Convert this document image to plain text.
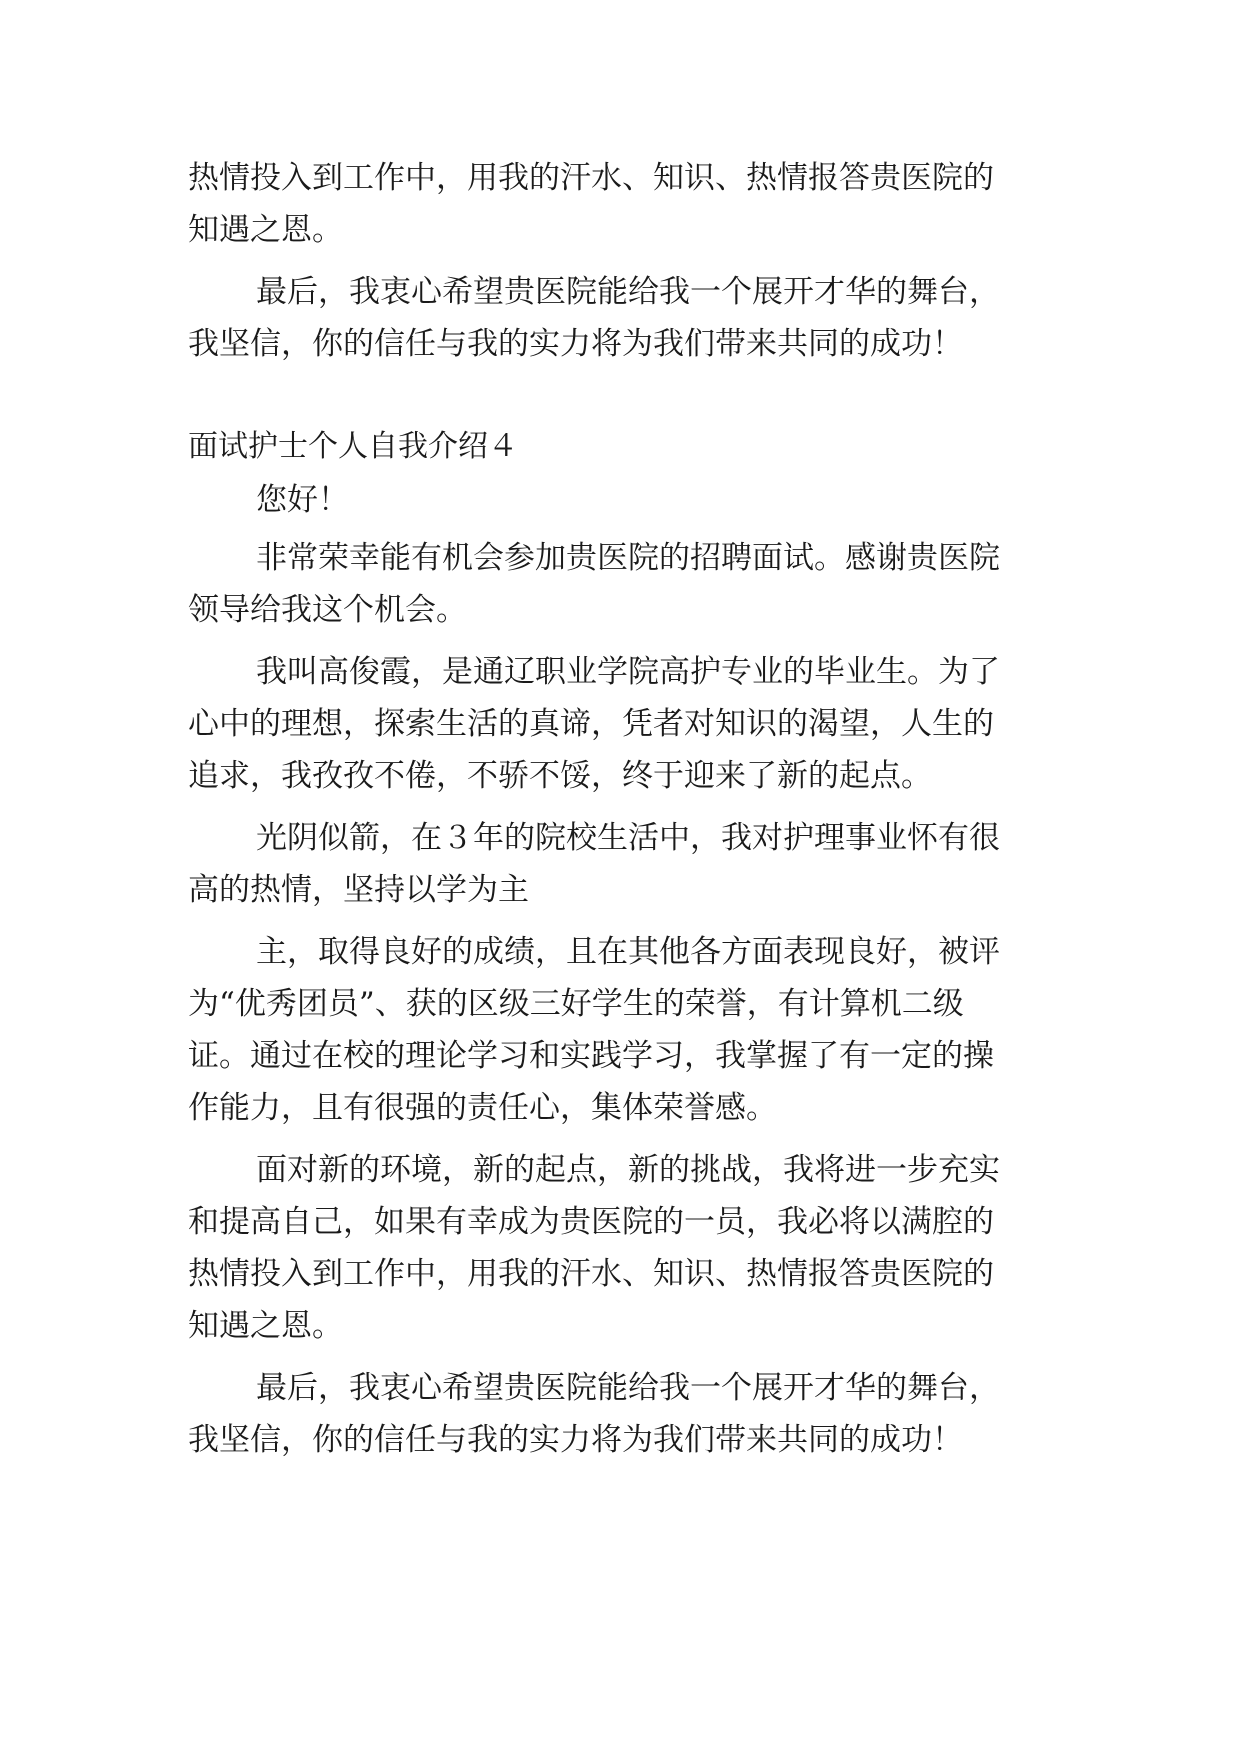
热情投入到工作中，用我的汗水、知识、热情报答贵医院的
知遇之恩。
最后，我衷心希望贵医院能给我一个展开才华的舞台，
我坚信，你的信任与我的实力将为我们带来共同的成功！
面试护士个人自我介绍４
您好！
非常荣幸能有机会参加贵医院的招聘面试。感谢贵医院
领导给我这个机会。
我叫高俊霞，是通辽职业学院高护专业的毕业生。为了
心中的理想，探索生活的真谛，凭者对知识的渴望，人生的
追求，我孜孜不倦，不骄不馁，终于迎来了新的起点。
光阴似箭，在３年的院校生活中，我对护理事业怀有很
高的热情，坚持以学为主
主，取得良好的成绩，且在其他各方面表现良好，被评
为“优秀团员”、获的区级三好学生的荣誉，有计算机二级
证。通过在校的理论学习和实践学习，我掌握了有一定的操
作能力，且有很强的责任心，集体荣誉感。
面对新的环境，新的起点，新的挑战，我将进一步充实
和提高自己，如果有幸成为贵医院的一员，我必将以满腔的
热情投入到工作中，用我的汗水、知识、热情报答贵医院的
知遇之恩。
最后，我衷心希望贵医院能给我一个展开才华的舞台，
我坚信，你的信任与我的实力将为我们带来共同的成功！
